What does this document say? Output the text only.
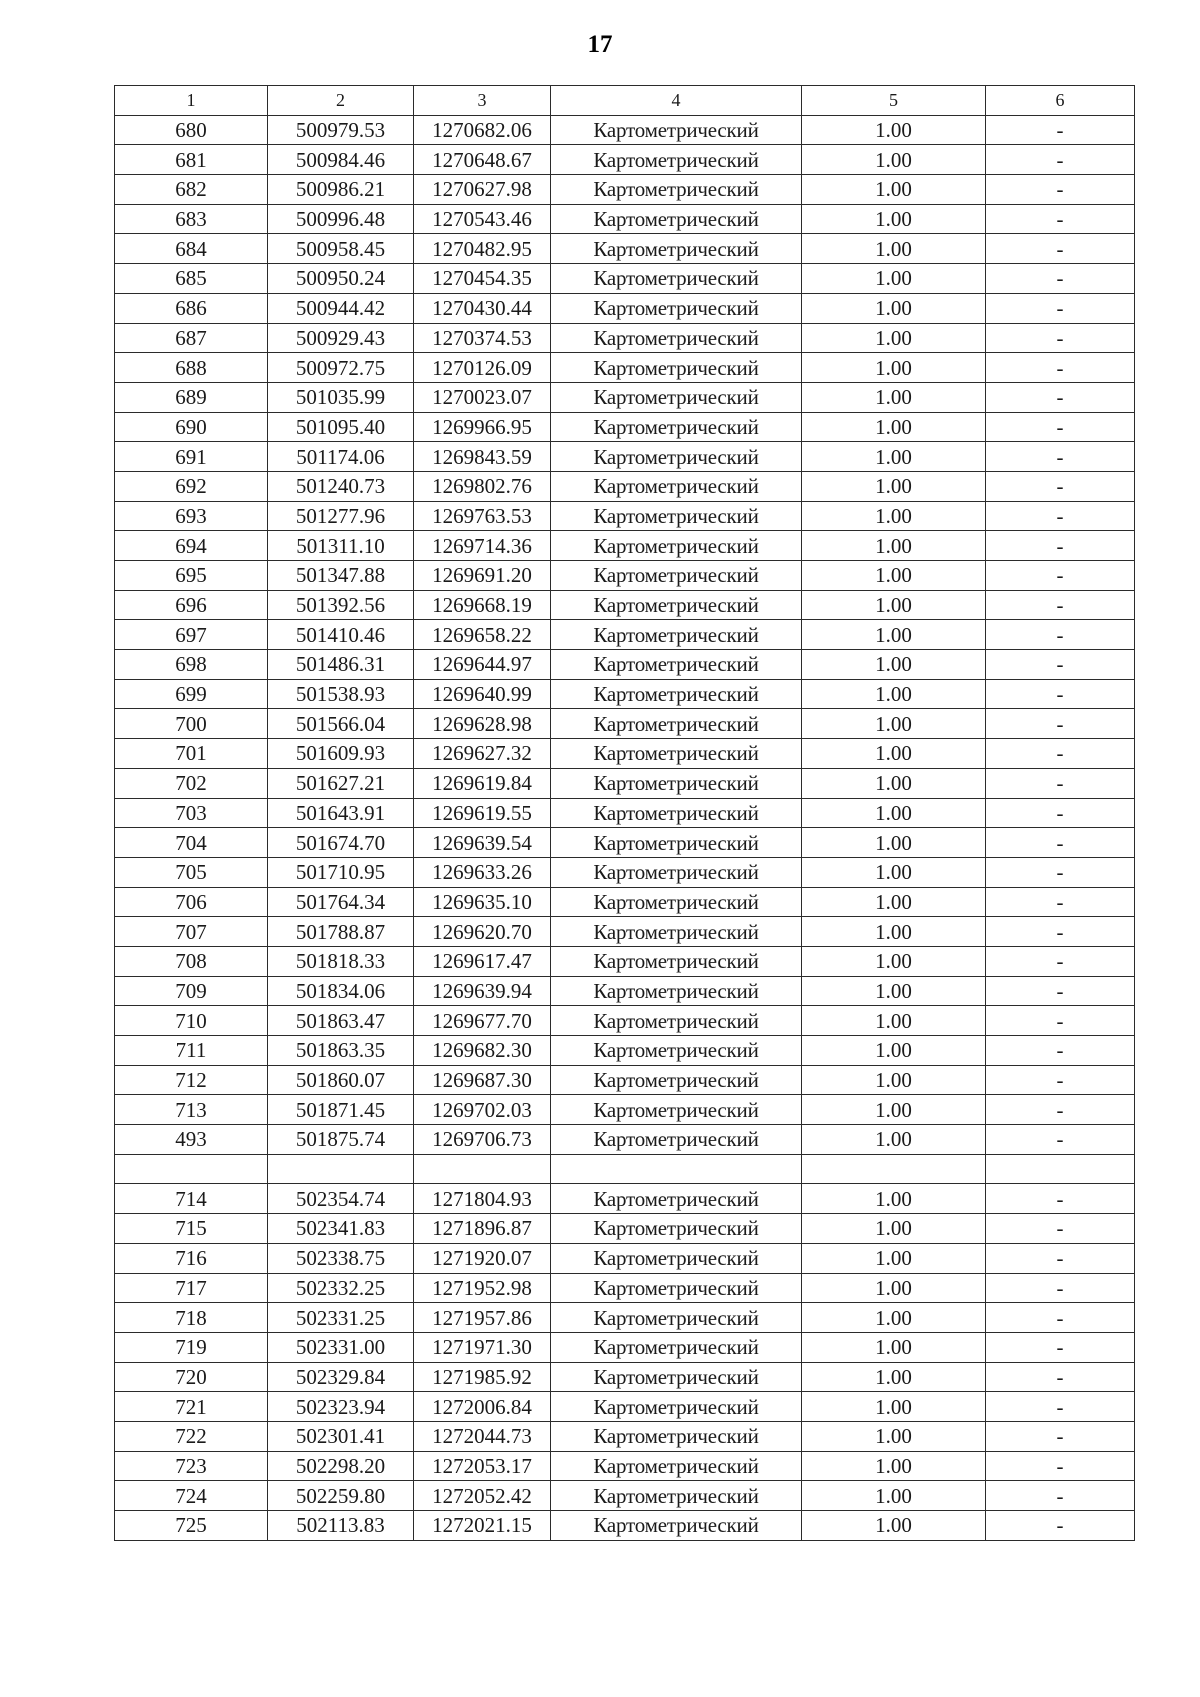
17
1	2	3	4	5	6
680	500979.53	1270682.06	Картометрический	1.00	-
681	500984.46	1270648.67	Картометрический	1.00	-
682	500986.21	1270627.98	Картометрический	1.00	-
683	500996.48	1270543.46	Картометрический	1.00	-
684	500958.45	1270482.95	Картометрический	1.00	-
685	500950.24	1270454.35	Картометрический	1.00	-
686	500944.42	1270430.44	Картометрический	1.00	-
687	500929.43	1270374.53	Картометрический	1.00	-
688	500972.75	1270126.09	Картометрический	1.00	-
689	501035.99	1270023.07	Картометрический	1.00	-
690	501095.40	1269966.95	Картометрический	1.00	-
691	501174.06	1269843.59	Картометрический	1.00	-
692	501240.73	1269802.76	Картометрический	1.00	-
693	501277.96	1269763.53	Картометрический	1.00	-
694	501311.10	1269714.36	Картометрический	1.00	-
695	501347.88	1269691.20	Картометрический	1.00	-
696	501392.56	1269668.19	Картометрический	1.00	-
697	501410.46	1269658.22	Картометрический	1.00	-
698	501486.31	1269644.97	Картометрический	1.00	-
699	501538.93	1269640.99	Картометрический	1.00	-
700	501566.04	1269628.98	Картометрический	1.00	-
701	501609.93	1269627.32	Картометрический	1.00	-
702	501627.21	1269619.84	Картометрический	1.00	-
703	501643.91	1269619.55	Картометрический	1.00	-
704	501674.70	1269639.54	Картометрический	1.00	-
705	501710.95	1269633.26	Картометрический	1.00	-
706	501764.34	1269635.10	Картометрический	1.00	-
707	501788.87	1269620.70	Картометрический	1.00	-
708	501818.33	1269617.47	Картометрический	1.00	-
709	501834.06	1269639.94	Картометрический	1.00	-
710	501863.47	1269677.70	Картометрический	1.00	-
711	501863.35	1269682.30	Картометрический	1.00	-
712	501860.07	1269687.30	Картометрический	1.00	-
713	501871.45	1269702.03	Картометрический	1.00	-
493	501875.74	1269706.73	Картометрический	1.00	-

714	502354.74	1271804.93	Картометрический	1.00	-
715	502341.83	1271896.87	Картометрический	1.00	-
716	502338.75	1271920.07	Картометрический	1.00	-
717	502332.25	1271952.98	Картометрический	1.00	-
718	502331.25	1271957.86	Картометрический	1.00	-
719	502331.00	1271971.30	Картометрический	1.00	-
720	502329.84	1271985.92	Картометрический	1.00	-
721	502323.94	1272006.84	Картометрический	1.00	-
722	502301.41	1272044.73	Картометрический	1.00	-
723	502298.20	1272053.17	Картометрический	1.00	-
724	502259.80	1272052.42	Картометрический	1.00	-
725	502113.83	1272021.15	Картометрический	1.00	-
